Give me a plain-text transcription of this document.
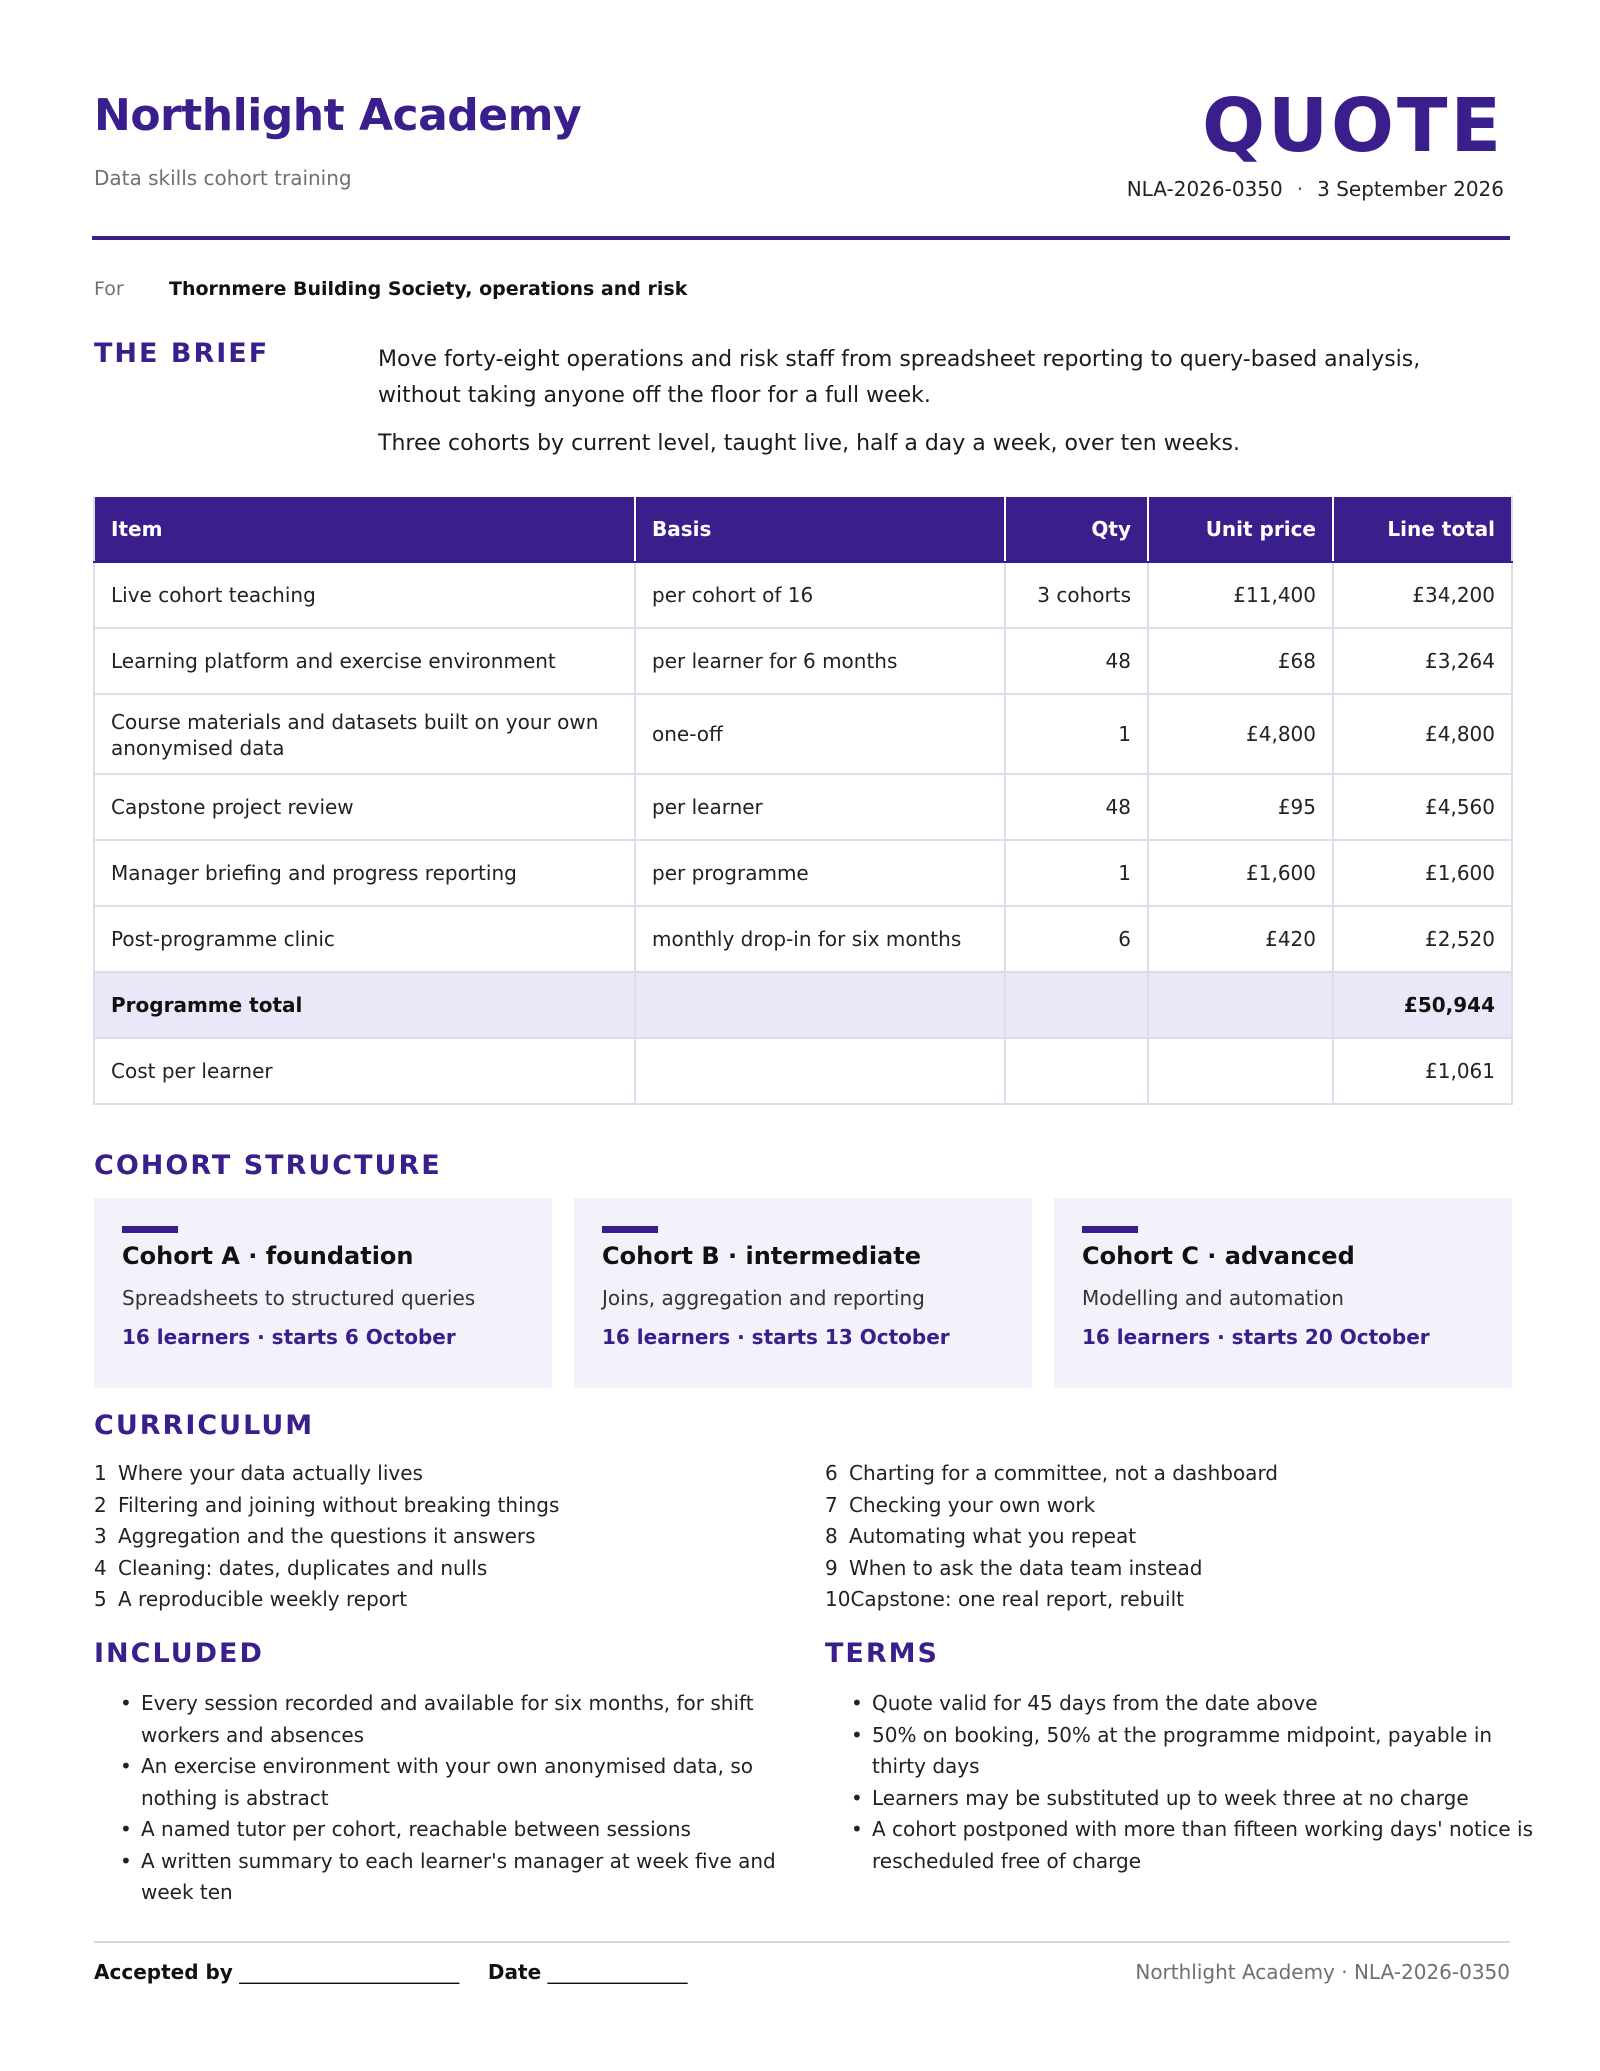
Northlight Academy
Data skills cohort training
QUOTE
NLA-2026-0350 · 3 September 2026
For Thornmere Building Society, operations and risk
THE BRIEF	Move forty-eight operations and risk staff from spreadsheet reporting to query-based analysis, without taking anyone off the floor for a full week.

Three cohorts by current level, taught live, half a day a week, over ten weeks.

Item	Basis	Qty	Unit price	Line total
Live cohort teaching	per cohort of 16	3 cohorts	£11,400	£34,200
Learning platform and exercise environment	per learner for 6 months	48	£68	£3,264
Course materials and datasets built on your own anonymised data	one-off	1	£4,800	£4,800
Capstone project review	per learner	48	£95	£4,560
Manager briefing and progress reporting	per programme	1	£1,600	£1,600
Post-programme clinic	monthly drop-in for six months	6	£420	£2,520
Programme total				£50,944
Cost per learner				£1,061
COHORT STRUCTURE
Cohort A · foundation
Spreadsheets to structured queries
16 learners · starts 6 October
Cohort B · intermediate
Joins, aggregation and reporting
16 learners · starts 13 October
Cohort C · advanced
Modelling and automation
16 learners · starts 20 October
CURRICULUM
1 Where your data actually lives
2 Filtering and joining without breaking things
3 Aggregation and the questions it answers
4 Cleaning: dates, duplicates and nulls
5 A reproducible weekly report
6 Charting for a committee, not a dashboard
7 Checking your own work
8 Automating what you repeat
9 When to ask the data team instead
10Capstone: one real report, rebuilt
INCLUDED
• Every session recorded and available for six months, for shift workers and absences
• An exercise environment with your own anonymised data, so nothing is abstract
• A named tutor per cohort, reachable between sessions
• A written summary to each learner's manager at week five and week ten
TERMS
• Quote valid for 45 days from the date above
• 50% on booking, 50% at the programme midpoint, payable in thirty days
• Learners may be substituted up to week three at no charge
• A cohort postponed with more than fifteen working days' notice is rescheduled free of charge
Accepted by ______________________ Date ______________	Northlight Academy · NLA-2026-0350
